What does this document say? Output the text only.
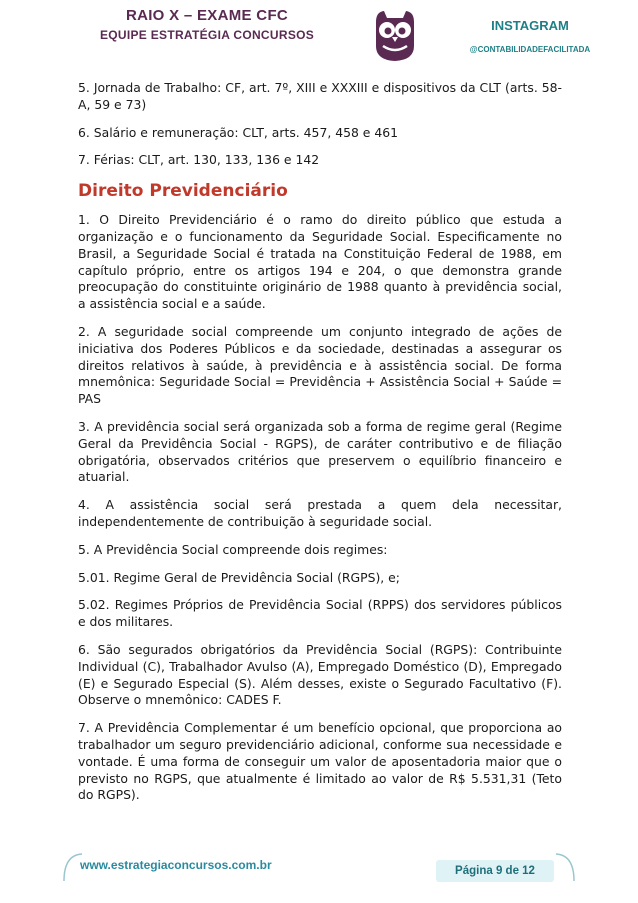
RAIO X – EXAME CFC
EQUIPE ESTRATÉGIA CONCURSOS
INSTAGRAM
@CONTABILIDADEFACILITADA

5. Jornada de Trabalho: CF, art. 7º, XIII e XXXIII e dispositivos da CLT (arts. 58-A, 59 e 73)

6. Salário e remuneração: CLT, arts. 457, 458 e 461

7. Férias: CLT, art. 130, 133, 136 e 142

Direito Previdenciário

1. O Direito Previdenciário é o ramo do direito público que estuda a organização e o funcionamento da Seguridade Social. Especificamente no Brasil, a Seguridade Social é tratada na Constituição Federal de 1988, em capítulo próprio, entre os artigos 194 e 204, o que demonstra grande preocupação do constituinte originário de 1988 quanto à previdência social, a assistência social e a saúde.

2. A seguridade social compreende um conjunto integrado de ações de iniciativa dos Poderes Públicos e da sociedade, destinadas a assegurar os direitos relativos à saúde, à previdência e à assistência social. De forma mnemônica: Seguridade Social = Previdência + Assistência Social + Saúde = PAS

3. A previdência social será organizada sob a forma de regime geral (Regime Geral da Previdência Social - RGPS), de caráter contributivo e de filiação obrigatória, observados critérios que preservem o equilíbrio financeiro e atuarial.

4. A assistência social será prestada a quem dela necessitar, independentemente de contribuição à seguridade social.

5. A Previdência Social compreende dois regimes:

5.01. Regime Geral de Previdência Social (RGPS), e;

5.02. Regimes Próprios de Previdência Social (RPPS) dos servidores públicos e dos militares.

6. São segurados obrigatórios da Previdência Social (RGPS): Contribuinte Individual (C), Trabalhador Avulso (A), Empregado Doméstico (D), Empregado (E) e Segurado Especial (S). Além desses, existe o Segurado Facultativo (F). Observe o mnemônico: CADES F.

7. A Previdência Complementar é um benefício opcional, que proporciona ao trabalhador um seguro previdenciário adicional, conforme sua necessidade e vontade. É uma forma de conseguir um valor de aposentadoria maior que o previsto no RGPS, que atualmente é limitado ao valor de R$ 5.531,31 (Teto do RGPS).

www.estrategiaconcursos.com.br	Página 9 de 12
